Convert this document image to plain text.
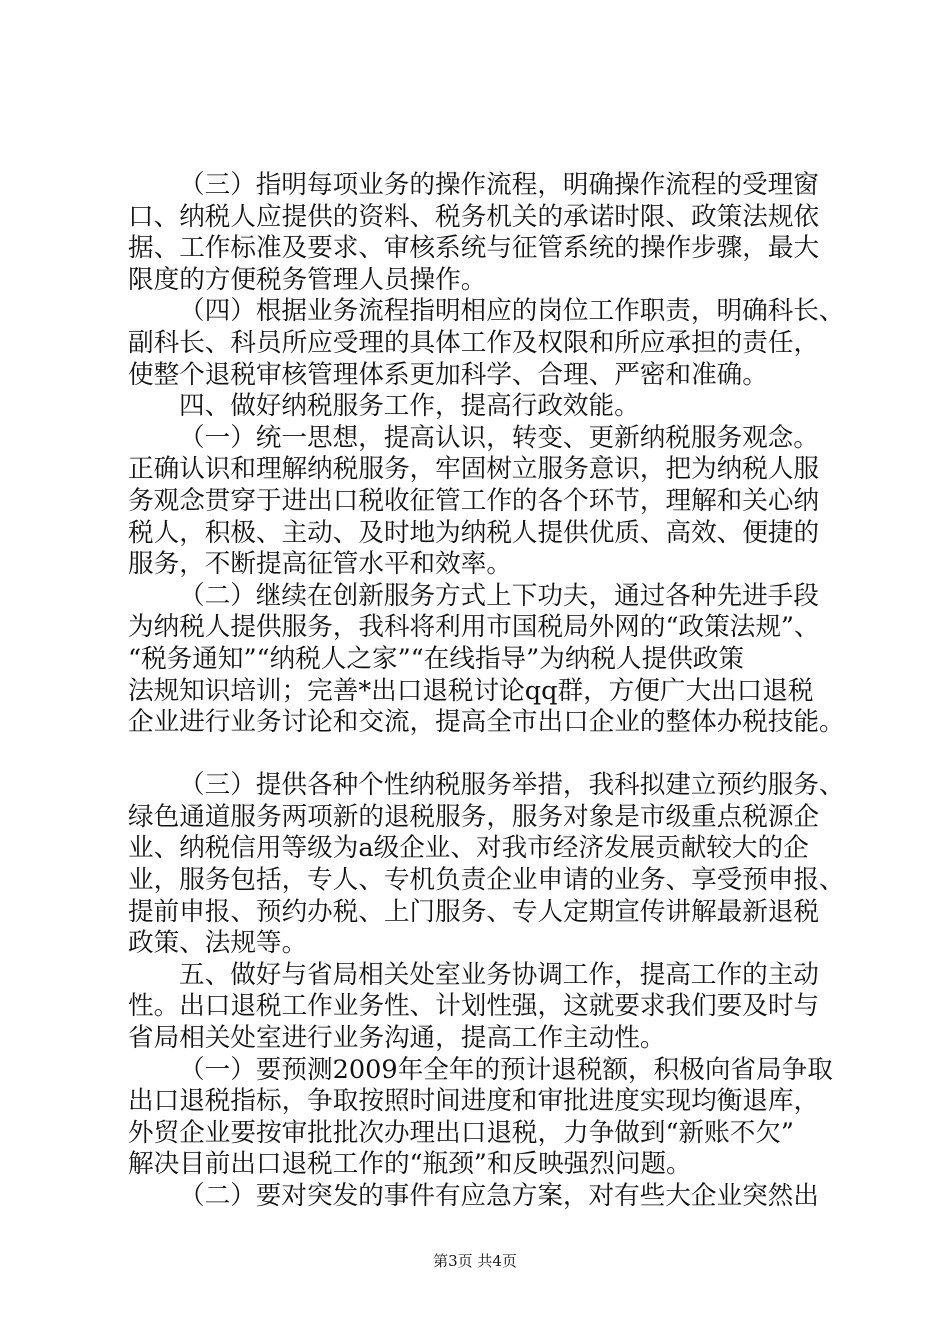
（三）指明每项业务的操作流程，明确操作流程的受理窗
口、纳税人应提供的资料、税务机关的承诺时限、政策法规依
据、工作标准及要求、审核系统与征管系统的操作步骤，最大
限度的方便税务管理人员操作。
（四）根据业务流程指明相应的岗位工作职责，明确科长、
副科长、科员所应受理的具体工作及权限和所应承担的责任，
使整个退税审核管理体系更加科学、合理、严密和准确。
四、做好纳税服务工作，提高行政效能。
（一）统一思想，提高认识，转变、更新纳税服务观念。
正确认识和理解纳税服务，牢固树立服务意识，把为纳税人服
务观念贯穿于进出口税收征管工作的各个环节，理解和关心纳
税人，积极、主动、及时地为纳税人提供优质、高效、便捷的
服务，不断提高征管水平和效率。
（二）继续在创新服务方式上下功夫，通过各种先进手段
为纳税人提供服务，我科将利用市国税局外网的“政策法规”、
“税务通知”“纳税人之家”“在线指导”为纳税人提供政策
法规知识培训；完善*出口退税讨论qq群，方便广大出口退税
企业进行业务讨论和交流，提高全市出口企业的整体办税技能。
（三）提供各种个性纳税服务举措，我科拟建立预约服务、
绿色通道服务两项新的退税服务，服务对象是市级重点税源企
业、纳税信用等级为a级企业、对我市经济发展贡献较大的企
业，服务包括，专人、专机负责企业申请的业务、享受预申报、
提前申报、预约办税、上门服务、专人定期宣传讲解最新退税
政策、法规等。
五、做好与省局相关处室业务协调工作，提高工作的主动
性。出口退税工作业务性、计划性强，这就要求我们要及时与
省局相关处室进行业务沟通，提高工作主动性。
（一）要预测2009年全年的预计退税额，积极向省局争取
出口退税指标，争取按照时间进度和审批进度实现均衡退库，
外贸企业要按审批批次办理出口退税，力争做到“新账不欠”
解决目前出口退税工作的“瓶颈”和反映强烈问题。
（二）要对突发的事件有应急方案，对有些大企业突然出
第3页 共4页
